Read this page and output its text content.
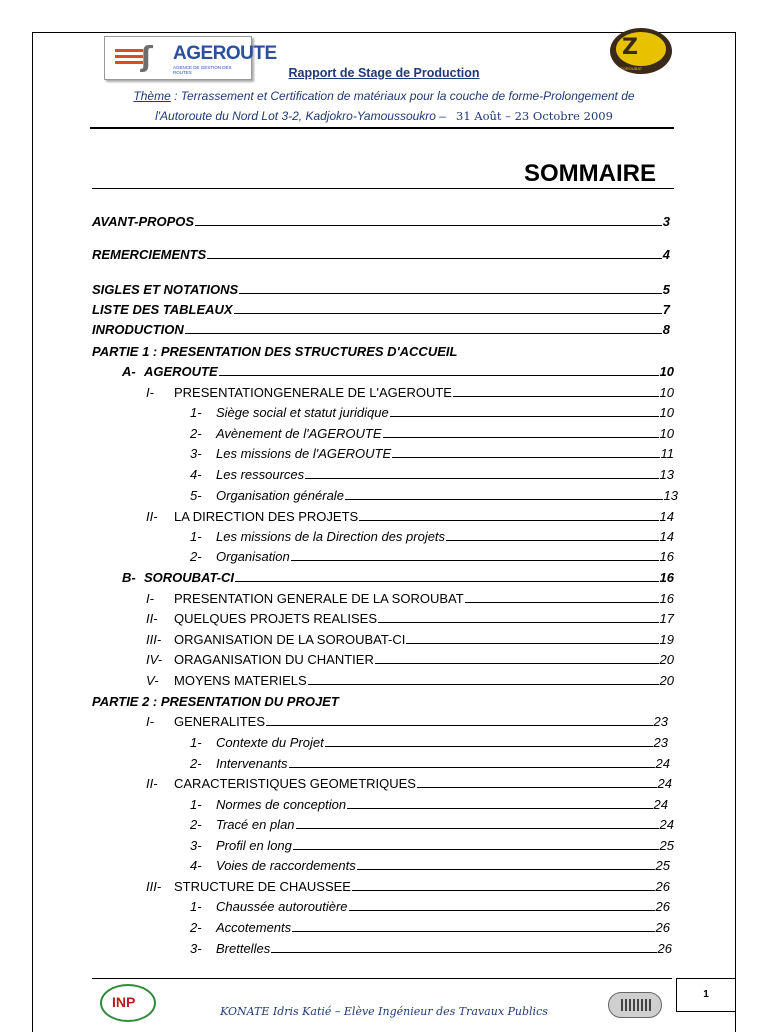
ʃ AGEROUTE
AGENCE DE GESTION DES ROUTES
Z
SOROUBAT
Rapport de Stage de Production
Thème : Terrassement et Certification de matériaux pour la couche de forme-Prolongement de
l'Autoroute du Nord Lot 3-2, Kadjokro-Yamoussoukro – 31 Août – 23 Octobre 2009
SOMMAIRE
AVANT-PROPOS	3
REMERCIEMENTS	4
SIGLES ET NOTATIONS	5
LISTE DES TABLEAUX	7
INRODUCTION	8
PARTIE 1 : PRESENTATION DES STRUCTURES D'ACCUEIL
A- AGEROUTE	10
I-	PRESENTATIONGENERALE DE L'AGEROUTE	10
1-	Siège social et statut juridique	10
2-	Avènement de l'AGEROUTE	10
3-	Les missions de l'AGEROUTE	11
4-	Les ressources	13
5-	Organisation générale	13
II-	LA DIRECTION DES PROJETS	14
1-	Les missions de la Direction des projets	14
2-	Organisation	16
B- SOROUBAT-CI	16
I-	PRESENTATION GENERALE DE LA SOROUBAT	16
II-	QUELQUES PROJETS REALISES	17
III- ORGANISATION DE LA SOROUBAT-CI	19
IV- ORAGANISATION DU CHANTIER	20
V-	MOYENS MATERIELS	20
PARTIE 2 : PRESENTATION DU PROJET
I-	GENERALITES	23
1-	Contexte du Projet	23
2-	Intervenants	24
II-	CARACTERISTIQUES GEOMETRIQUES	24
1-	Normes de conception	24
2-	Tracé en plan	24
3-	Profil en long	25
4-	Voies de raccordements	25
III- STRUCTURE DE CHAUSSEE	26
1-	Chaussée autoroutière	26
2-	Accotements	26
3-	Brettelles	26
INP
KONATE Idris Katié – Elève Ingénieur des Travaux Publics
1
